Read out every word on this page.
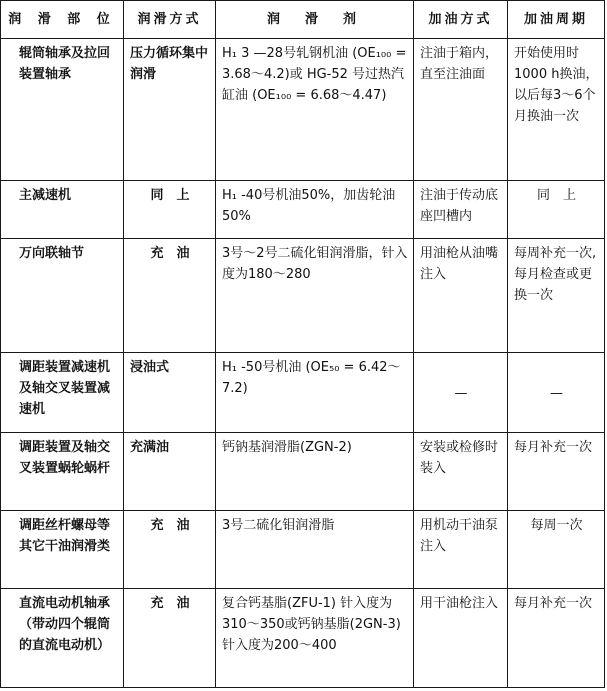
润 滑 部 位	润滑方式	润　滑　剂	加油方式	加油周期
辊筒轴承及拉回装置轴承	压力循环集中润滑	H₁ 3 —28号轧钢机油 (OE₁₀₀ = 3.68～4.2)或 HG-52 号过热汽缸油 (OE₁₀₀ = 6.68～4.47)	注油于箱内，直至注油面	开始使用时1000 h换油，以后每3～6个月换油一次
主减速机	同　上	H₁ -40号机油50%，加齿轮油50%	注油于传动底座凹槽内	同　上
万向联轴节	充　油	3号～2号二硫化钼润滑脂，针入度为180～280	用油枪从油嘴注入	每周补充一次,每月检查或更换一次
调距装置减速机及轴交叉装置减速机	浸油式	H₁ -50号机油 (OE₅₀ = 6.42～7.2)	—	—
调距装置及轴交叉装置蜗轮蜗杆	充满油	钙钠基润滑脂(ZGN-2)	安装或检修时装入	每月补充一次
调距丝杆螺母等其它干油润滑类	充　油	3号二硫化钼润滑脂	用机动干油泵注入	每周一次
直流电动机轴承（带动四个辊筒的直流电动机）	充　油	复合钙基脂(ZFU-1) 针入度为310～350或钙钠基脂(2GN-3) 针入度为200～400	用干油枪注入	每月补充一次
